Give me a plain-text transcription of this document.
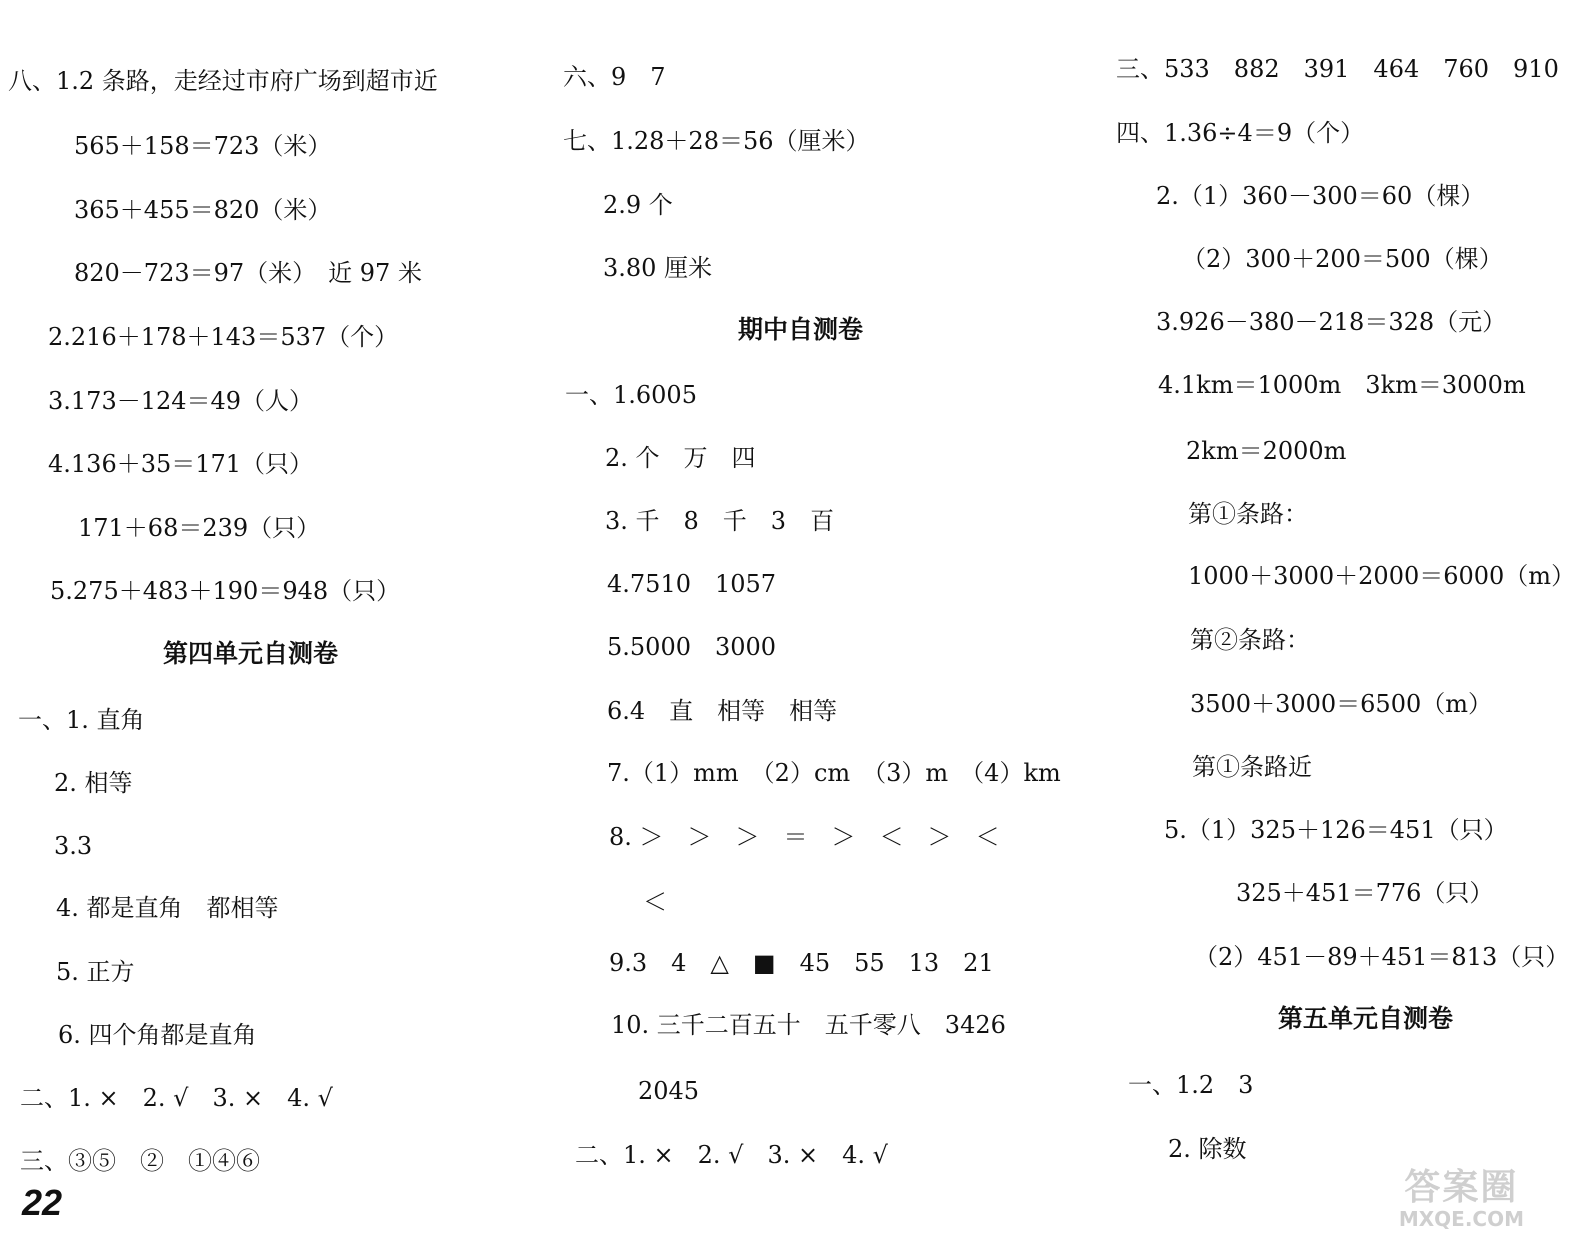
八、1.2 条路，走经过市府广场到超市近
565＋158＝723（米）
365＋455＝820（米）
820－723＝97（米）　近 97 米
2.216＋178＋143＝537（个）
3.173－124＝49（人）
4.136＋35＝171（只）
171＋68＝239（只）
5.275＋483＋190＝948（只）
第四单元自测卷
一、1. 直角
2. 相等
3.3
4. 都是直角　都相等
5. 正方
6. 四个角都是直角
二、1. ×　2. √　3. ×　4. √
三、③⑤　②　①④⑥
六、9　7
七、1.28＋28＝56（厘米）
2.9 个
3.80 厘米
期中自测卷
一、1.6005
2. 个　万　四
3. 千　8　千　3　百
4.7510　1057
5.5000　3000
6.4　直　相等　相等
7.（1）mm　（2）cm　（3）m　（4）km
8. ＞　＞　＞　＝　＞　＜　＞　＜
＜
9.3　4　△　■　45　55　13　21
10. 三千二百五十　五千零八　3426
2045
二、1. ×　2. √　3. ×　4. √
三、533　882　391　464　760　910
四、1.36÷4＝9（个）
2.（1）360－300＝60（棵）
（2）300＋200＝500（棵）
3.926－380－218＝328（元）
4.1km＝1000m　3km＝3000m
2km＝2000m
第①条路：
1000＋3000＋2000＝6000（m）
第②条路：
3500＋3000＝6500（m）
第①条路近
5.（1）325＋126＝451（只）
325＋451＝776（只）
（2）451－89＋451＝813（只）
第五单元自测卷
一、1.2　3
2. 除数
22	答案圈
MXQE.COM
